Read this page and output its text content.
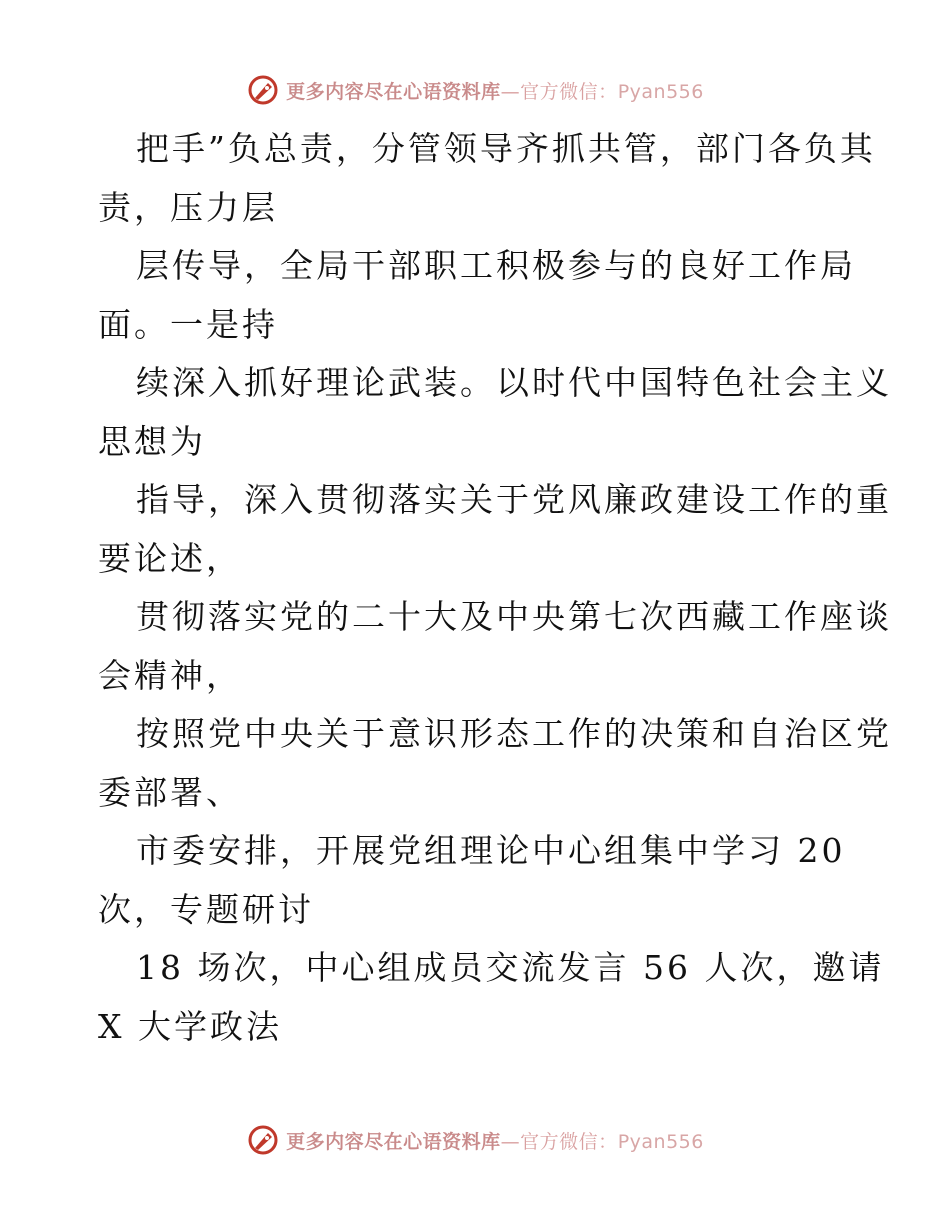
更多内容尽在心语资料库—官方微信：Pyan556

把手”负总责，分管领导齐抓共管，部门各负其

责，压力层

层传导，全局干部职工积极参与的良好工作局

面。一是持

续深入抓好理论武装。以时代中国特色社会主义

思想为

指导，深入贯彻落实关于党风廉政建设工作的重

要论述，

贯彻落实党的二十大及中央第七次西藏工作座谈

会精神，

按照党中央关于意识形态工作的决策和自治区党

委部署、

市委安排，开展党组理论中心组集中学习 20

次，专题研讨

18 场次，中心组成员交流发言 56 人次，邀请

X 大学政法

更多内容尽在心语资料库—官方微信：Pyan556
